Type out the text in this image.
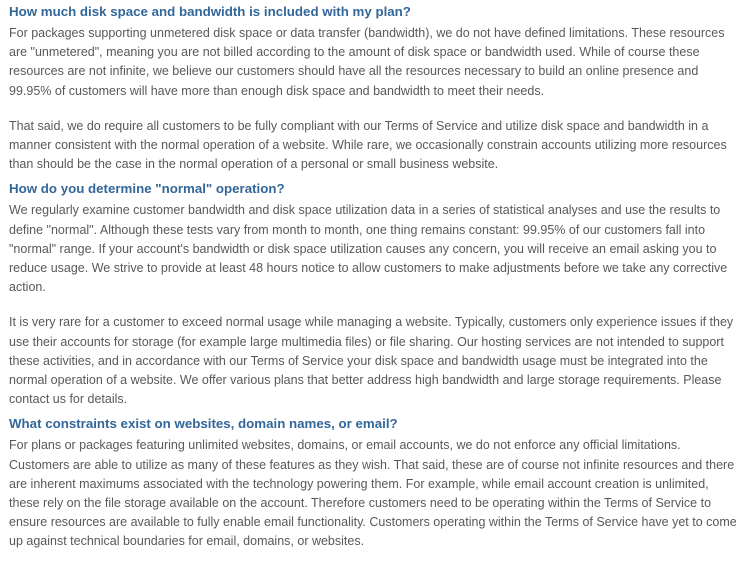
How much disk space and bandwidth is included with my plan?

For packages supporting unmetered disk space or data transfer (bandwidth), we do not have defined limitations. These resources are "unmetered", meaning you are not billed according to the amount of disk space or bandwidth used. While of course these resources are not infinite, we believe our customers should have all the resources necessary to build an online presence and 99.95% of customers will have more than enough disk space and bandwidth to meet their needs.

That said, we do require all customers to be fully compliant with our Terms of Service and utilize disk space and bandwidth in a manner consistent with the normal operation of a website. While rare, we occasionally constrain accounts utilizing more resources than should be the case in the normal operation of a personal or small business website.

How do you determine "normal" operation?

We regularly examine customer bandwidth and disk space utilization data in a series of statistical analyses and use the results to define "normal". Although these tests vary from month to month, one thing remains constant: 99.95% of our customers fall into "normal" range. If your account's bandwidth or disk space utilization causes any concern, you will receive an email asking you to reduce usage. We strive to provide at least 48 hours notice to allow customers to make adjustments before we take any corrective action.

It is very rare for a customer to exceed normal usage while managing a website. Typically, customers only experience issues if they use their accounts for storage (for example large multimedia files) or file sharing. Our hosting services are not intended to support these activities, and in accordance with our Terms of Service your disk space and bandwidth usage must be integrated into the normal operation of a website. We offer various plans that better address high bandwidth and large storage requirements. Please contact us for details.

What constraints exist on websites, domain names, or email?

For plans or packages featuring unlimited websites, domains, or email accounts, we do not enforce any official limitations. Customers are able to utilize as many of these features as they wish. That said, these are of course not infinite resources and there are inherent maximums associated with the technology powering them. For example, while email account creation is unlimited, these rely on the file storage available on the account. Therefore customers need to be operating within the Terms of Service to ensure resources are available to fully enable email functionality. Customers operating within the Terms of Service have yet to come up against technical boundaries for email, domains, or websites.
